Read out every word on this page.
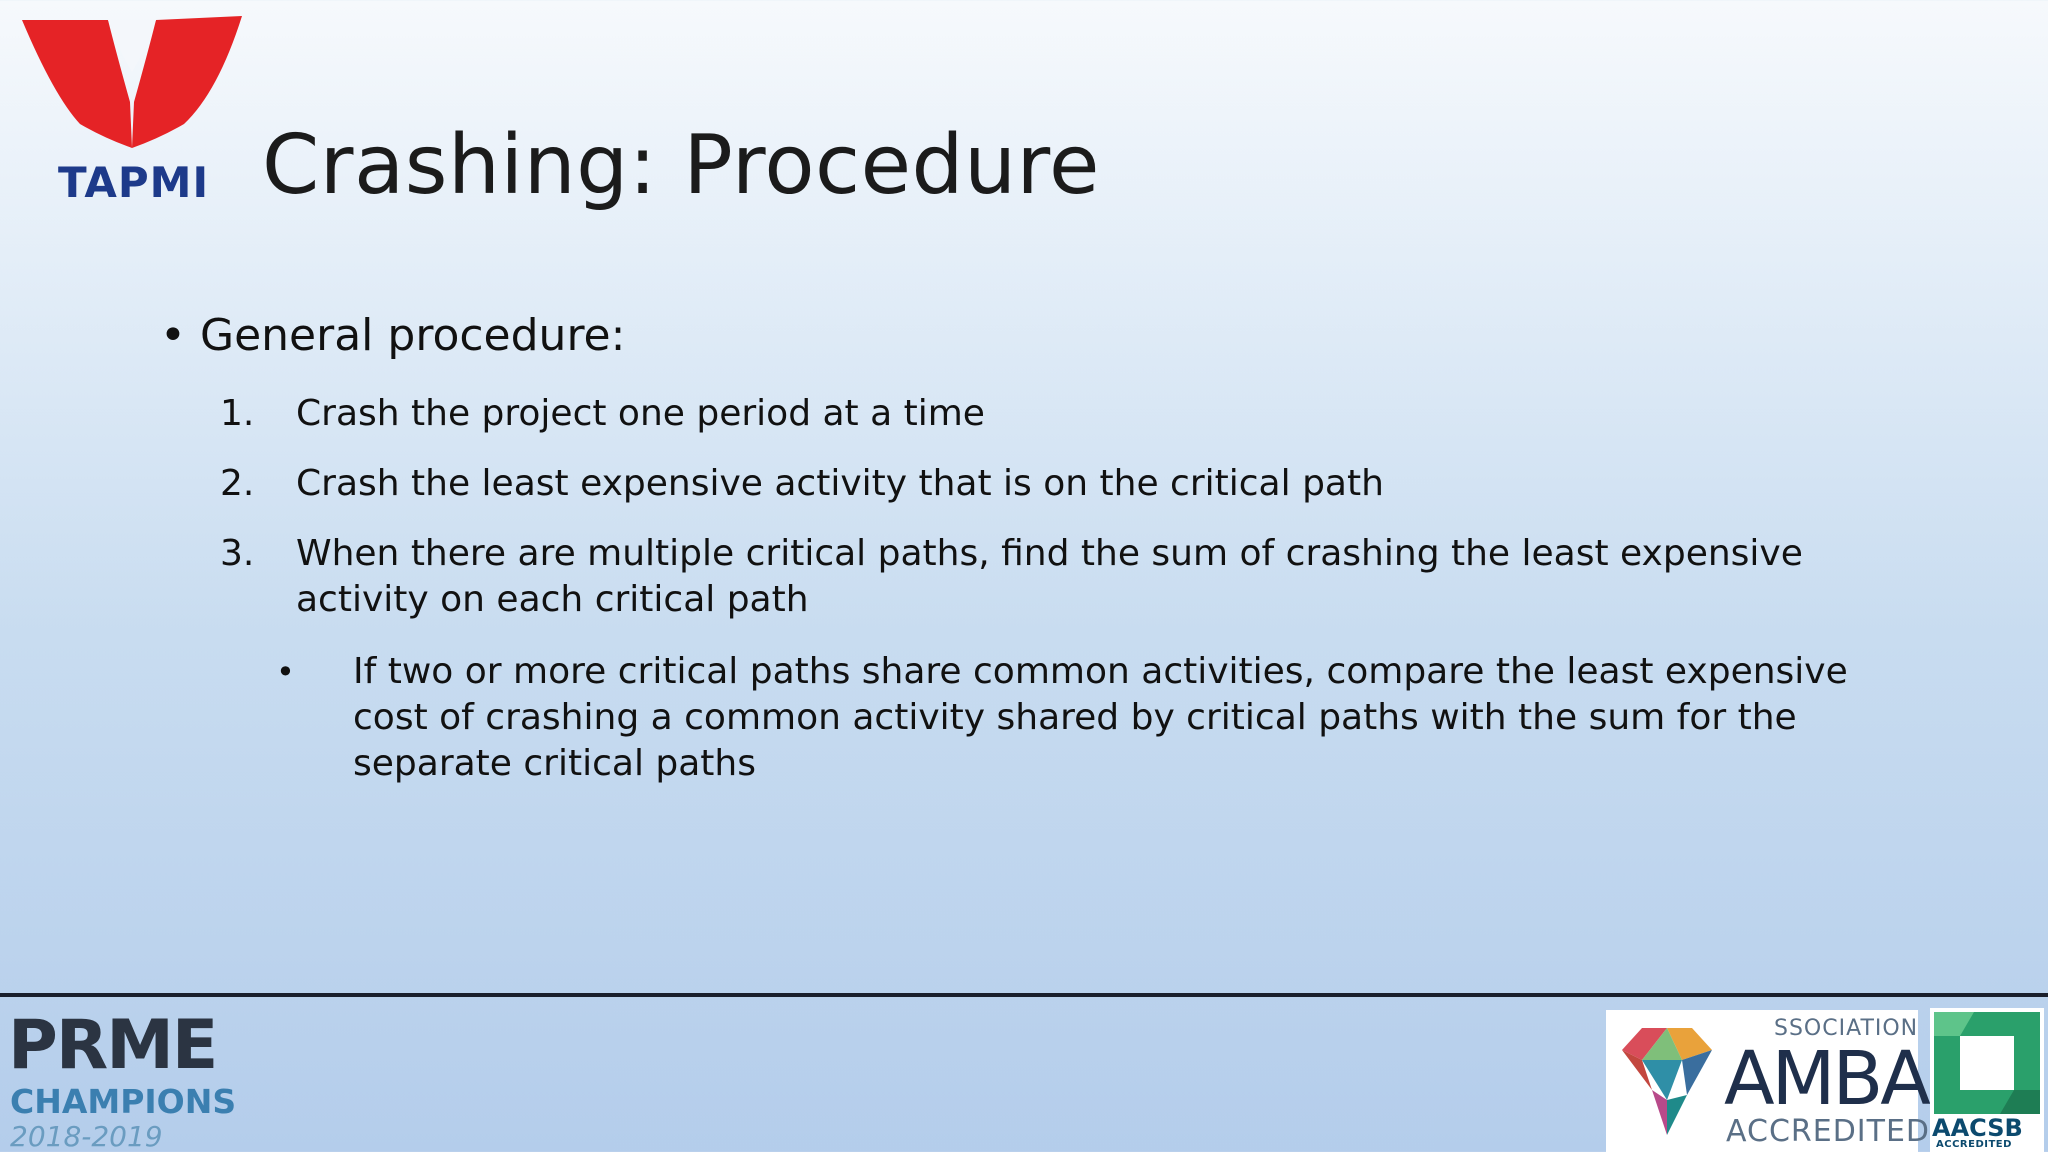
TAPMI Crashing: Procedure
• General procedure:
1. Crash the project one period at a time
2. Crash the least expensive activity that is on the critical path
3. When there are multiple critical paths, find the sum of crashing the least expensive activity on each critical path
• If two or more critical paths share common activities, compare the least expensive cost of crashing a common activity shared by critical paths with the sum for the separate critical paths
PRME
CHAMPIONS
2018-2019
SSOCIATION
AMBA
ACCREDITED AACSB
ACCREDITED
